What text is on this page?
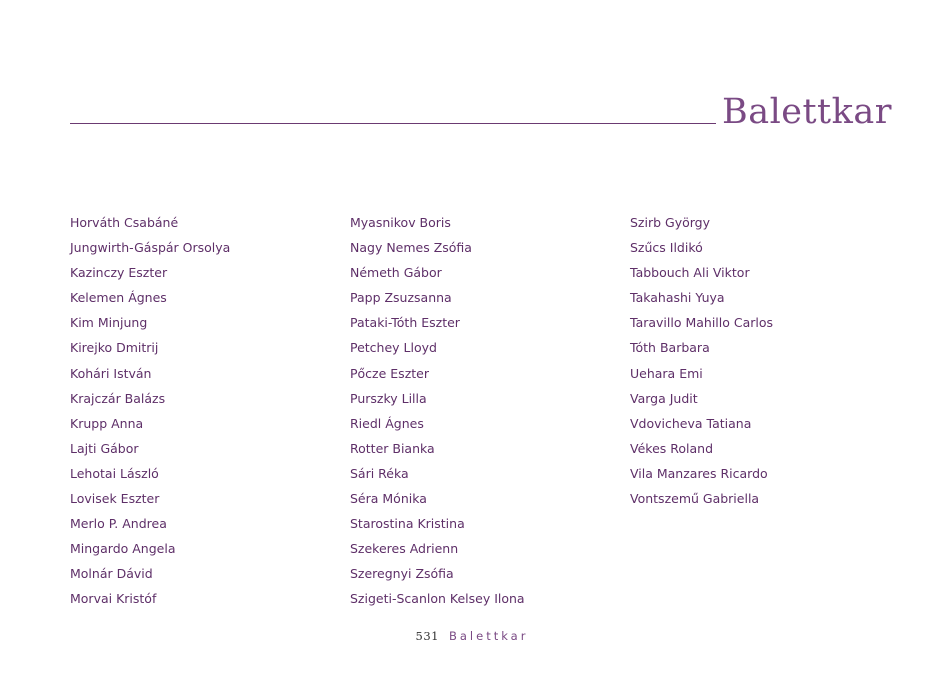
Balettkar
Horváth Csabáné
Jungwirth-Gáspár Orsolya
Kazinczy Eszter
Kelemen Ágnes
Kim Minjung
Kirejko Dmitrij
Kohári István
Krajczár Balázs
Krupp Anna
Lajti Gábor
Lehotai László
Lovisek Eszter
Merlo P. Andrea
Mingardo Angela
Molnár Dávid
Morvai Kristóf
Myasnikov Boris
Nagy Nemes Zsófia
Németh Gábor
Papp Zsuzsanna
Pataki-Tóth Eszter
Petchey Lloyd
Pőcze Eszter
Purszky Lilla
Riedl Ágnes
Rotter Bianka
Sári Réka
Séra Mónika
Starostina Kristina
Szekeres Adrienn
Szeregnyi Zsófia
Szigeti-Scanlon Kelsey Ilona
Szirb György
Szűcs Ildikó
Tabbouch Ali Viktor
Takahashi Yuya
Taravillo Mahillo Carlos
Tóth Barbara
Uehara Emi
Varga Judit
Vdovicheva Tatiana
Vékes Roland
Vila Manzares Ricardo
Vontszemű Gabriella
531 Balettkar
